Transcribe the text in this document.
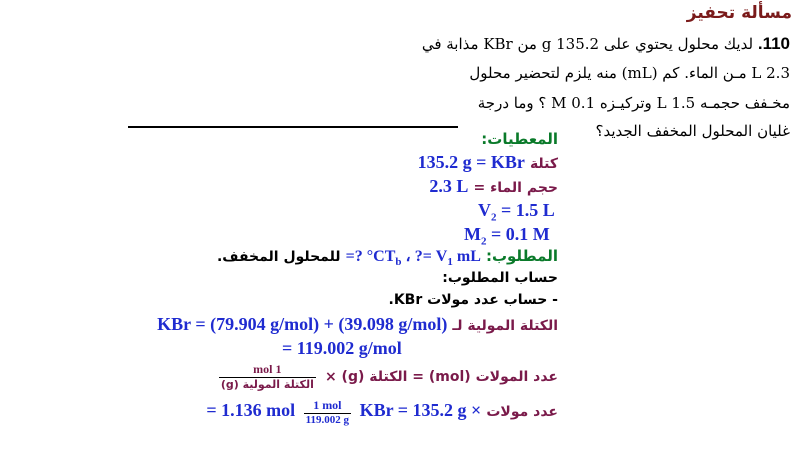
مسألة تحفيز
110. لديك محلول يحتوي على 135.2 g من KBr مذابة في
2.3 L مـن الماء. كم (mL) منه يلزم لتحضير محلول
مخـفف حجمـه 1.5 L وتركيـزه 0.1 M ؟ وما درجة
غليان المحلول المخفف الجديد؟
المعطيات:
كتلة 135.2 g = KBr
حجم الماء = 2.3 L
$V_2 = 1.5$ L
$M_2 = 0.1$ M
المطلوب: =? $^\circ CT_b$ ، ?= $V_1$ mL للمحلول المخفف.
حساب المطلوب:
- حساب عدد مولات KBr.
الكتلة المولية لـ KBr = (79.904 g/mol) + (39.098 g/mol)
= 119.002 g/mol
عدد المولات (mol) = الكتلة (g) ×
$\frac{\text{1 mol}}{\text{الكتلة المولية (g)}}$
عدد مولات = 1.136 mol $\frac{\text{1 mol}}{119.002 g}$ KBr = 135.2 g ×
